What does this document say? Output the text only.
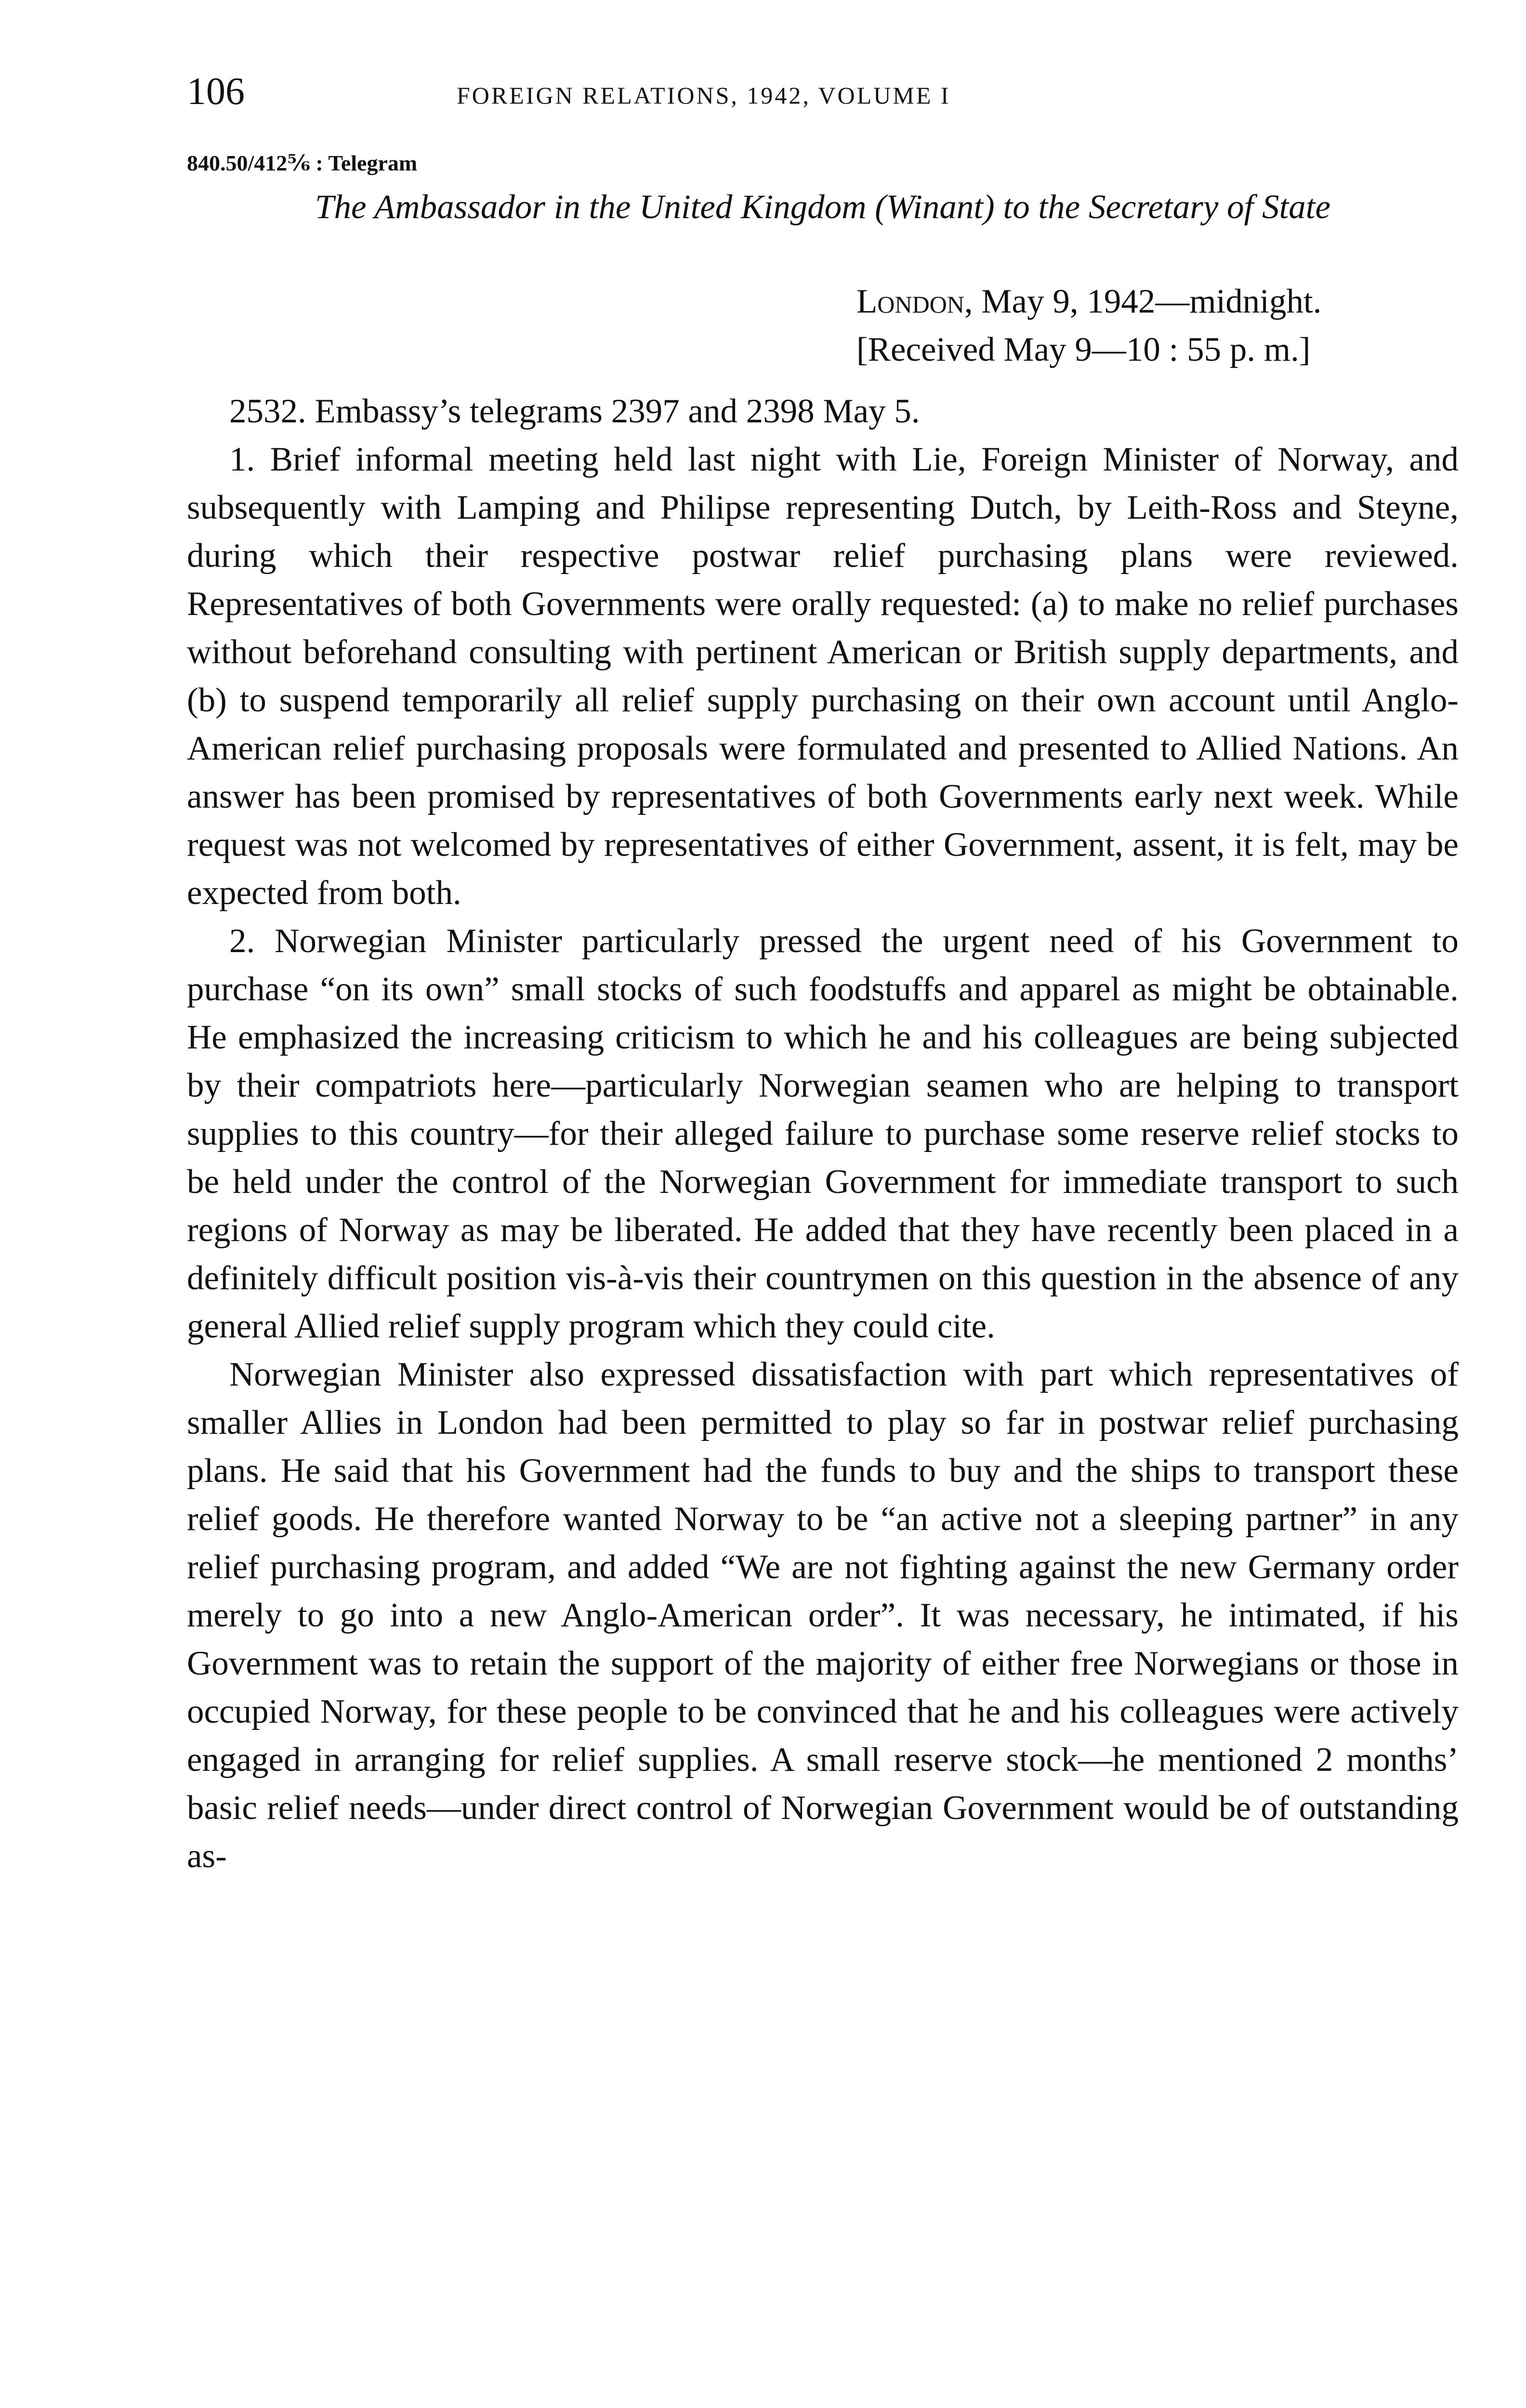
106	FOREIGN RELATIONS, 1942, VOLUME I
840.50/412⅚ : Telegram
The Ambassador in the United Kingdom (Winant) to the Secretary of State
London, May 9, 1942—midnight.
[Received May 9—10 : 55 p. m.]

2532. Embassy’s telegrams 2397 and 2398 May 5.

1. Brief informal meeting held last night with Lie, Foreign Minister of Norway, and subsequently with Lamping and Philipse representing Dutch, by Leith-Ross and Steyne, during which their respective postwar relief purchasing plans were reviewed. Representatives of both Governments were orally requested: (a) to make no relief purchases without beforehand consulting with pertinent American or British supply departments, and (b) to suspend temporarily all relief supply purchasing on their own account until Anglo-American relief purchasing proposals were formulated and presented to Allied Nations. An answer has been promised by representatives of both Governments early next week. While request was not welcomed by representatives of either Government, assent, it is felt, may be expected from both.

2. Norwegian Minister particularly pressed the urgent need of his Government to purchase “on its own” small stocks of such foodstuffs and apparel as might be obtainable. He emphasized the increasing criticism to which he and his colleagues are being subjected by their compatriots here—particularly Norwegian seamen who are helping to transport supplies to this country—for their alleged failure to purchase some reserve relief stocks to be held under the control of the Norwegian Government for immediate transport to such regions of Norway as may be liberated. He added that they have recently been placed in a definitely difficult position vis-à-vis their countrymen on this question in the absence of any general Allied relief supply program which they could cite.

Norwegian Minister also expressed dissatisfaction with part which representatives of smaller Allies in London had been permitted to play so far in postwar relief purchasing plans. He said that his Government had the funds to buy and the ships to transport these relief goods. He therefore wanted Norway to be “an active not a sleeping partner” in any relief purchasing program, and added “We are not fighting against the new Germany order merely to go into a new Anglo-American order”. It was necessary, he intimated, if his Government was to retain the support of the majority of either free Norwegians or those in occupied Norway, for these people to be convinced that he and his colleagues were actively engaged in arranging for relief supplies. A small reserve stock—he mentioned 2 months’ basic relief needs—under direct control of Norwegian Government would be of outstanding as-
